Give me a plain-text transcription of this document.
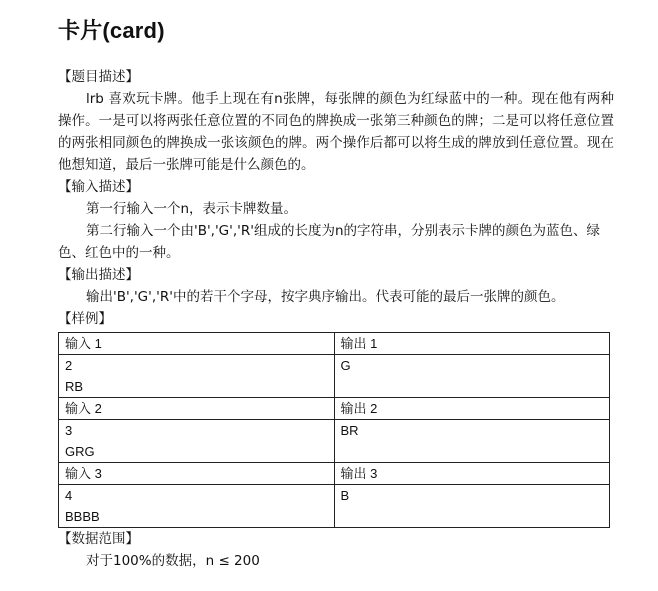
卡片(card)

【题目描述】

lrb 喜欢玩卡牌。他手上现在有n张牌，每张牌的颜色为红绿蓝中的一种。现在他有两种操作。一是可以将两张任意位置的不同色的牌换成一张第三种颜色的牌；二是可以将任意位置的两张相同颜色的牌换成一张该颜色的牌。两个操作后都可以将生成的牌放到任意位置。现在他想知道，最后一张牌可能是什么颜色的。

【输入描述】

第一行输入一个n，表示卡牌数量。

第二行输入一个由'B','G','R'组成的长度为n的字符串，分别表示卡牌的颜色为蓝色、绿色、红色中的一种。

【输出描述】

输出'B','G','R'中的若干个字母，按字典序输出。代表可能的最后一张牌的颜色。

【样例】

输入 1	输出 1

2
RB	G

输入 2	输出 2

3
GRG	BR

输入 3	输出 3

4
BBBB	B

【数据范围】

对于100%的数据，n ≤ 200
